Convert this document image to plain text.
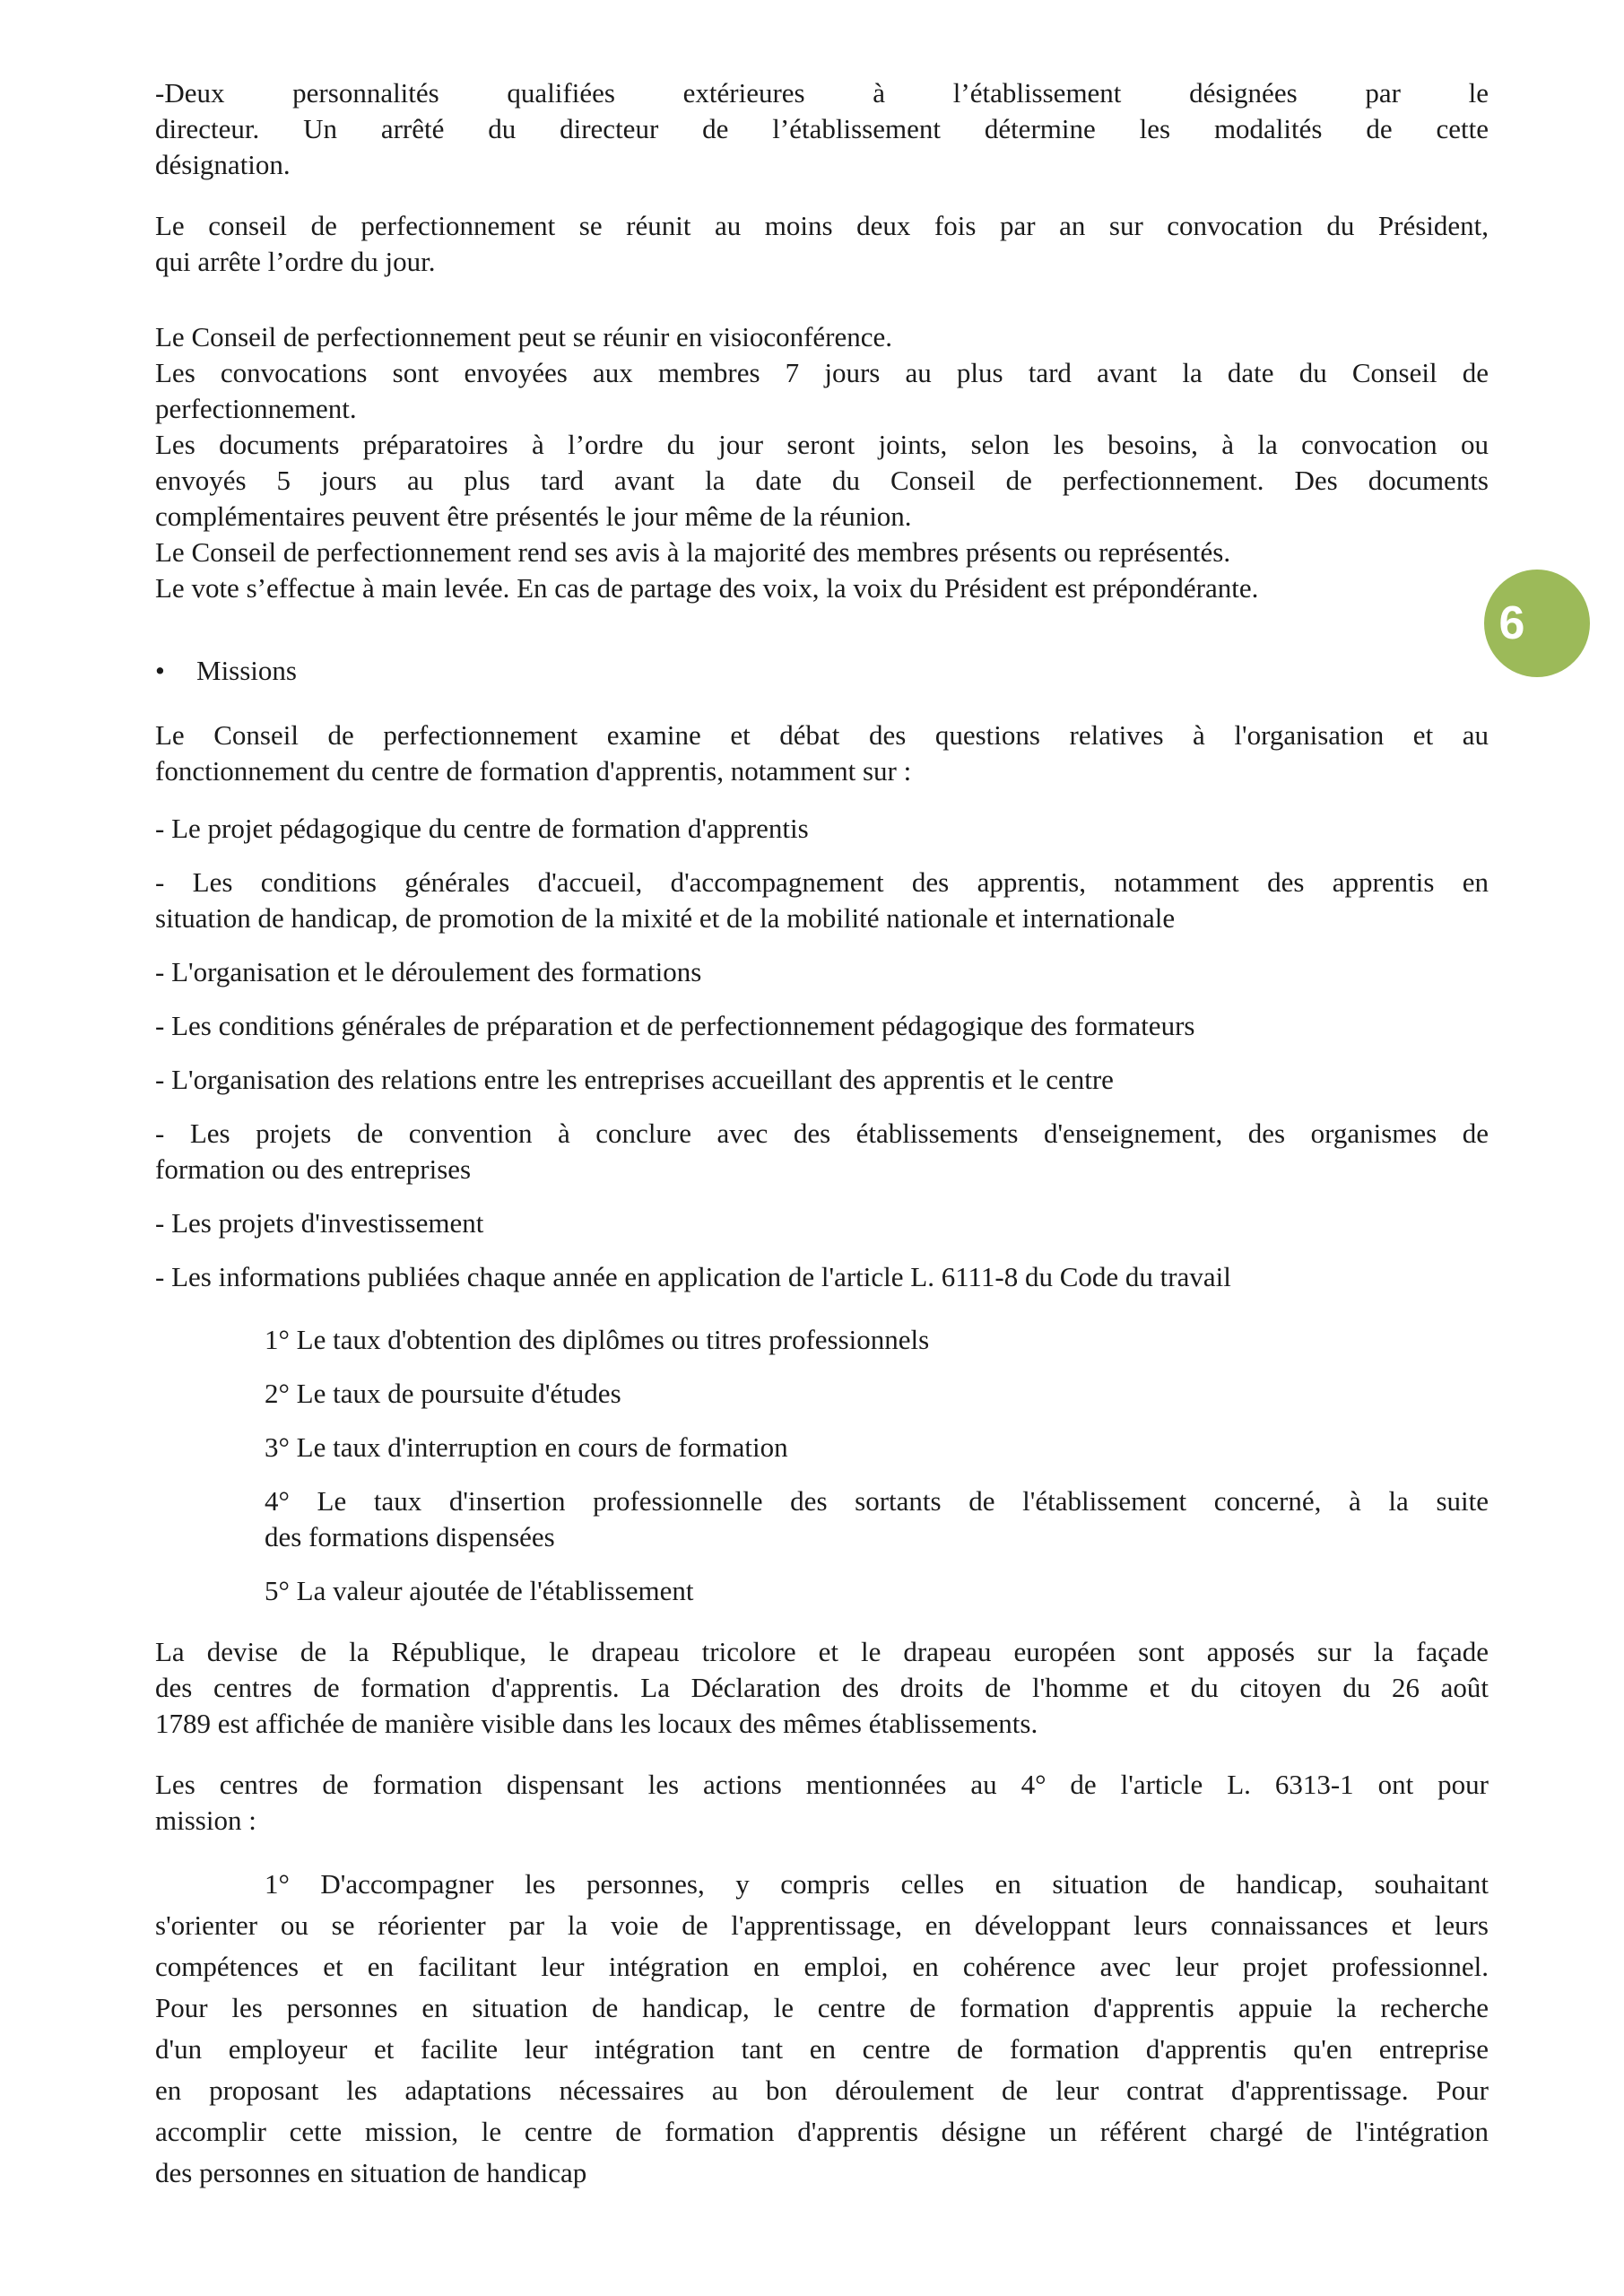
-Deux personnalités qualifiées extérieures à l’établissement désignées par le
directeur. Un arrêté du directeur de l’établissement détermine les modalités de cette
désignation.
Le conseil de perfectionnement se réunit au moins deux fois par an sur convocation du Président,
qui arrête l’ordre du jour.
Le Conseil de perfectionnement peut se réunir en visioconférence.
Les convocations sont envoyées aux membres 7 jours au plus tard avant la date du Conseil de
perfectionnement.
Les documents préparatoires à l’ordre du jour seront joints, selon les besoins, à la convocation ou
envoyés 5 jours au plus tard avant la date du Conseil de perfectionnement. Des documents
complémentaires peuvent être présentés le jour même de la réunion.
Le Conseil de perfectionnement rend ses avis à la majorité des membres présents ou représentés.
Le vote s’effectue à main levée. En cas de partage des voix, la voix du Président est prépondérante.
• Missions
Le Conseil de perfectionnement examine et débat des questions relatives à l'organisation et au
fonctionnement du centre de formation d'apprentis, notamment sur :
- Le projet pédagogique du centre de formation d'apprentis
- Les conditions générales d'accueil, d'accompagnement des apprentis, notamment des apprentis en
situation de handicap, de promotion de la mixité et de la mobilité nationale et internationale
- L'organisation et le déroulement des formations
- Les conditions générales de préparation et de perfectionnement pédagogique des formateurs
- L'organisation des relations entre les entreprises accueillant des apprentis et le centre
- Les projets de convention à conclure avec des établissements d'enseignement, des organismes de
formation ou des entreprises
- Les projets d'investissement
- Les informations publiées chaque année en application de l'article L. 6111-8 du Code du travail
1° Le taux d'obtention des diplômes ou titres professionnels
2° Le taux de poursuite d'études
3° Le taux d'interruption en cours de formation
4° Le taux d'insertion professionnelle des sortants de l'établissement concerné, à la suite
des formations dispensées
5° La valeur ajoutée de l'établissement
La devise de la République, le drapeau tricolore et le drapeau européen sont apposés sur la façade
des centres de formation d'apprentis. La Déclaration des droits de l'homme et du citoyen du 26 août
1789 est affichée de manière visible dans les locaux des mêmes établissements.
Les centres de formation dispensant les actions mentionnées au 4° de l'article L. 6313-1 ont pour
mission :
1° D'accompagner les personnes, y compris celles en situation de handicap, souhaitant
s'orienter ou se réorienter par la voie de l'apprentissage, en développant leurs connaissances et leurs
compétences et en facilitant leur intégration en emploi, en cohérence avec leur projet professionnel.
Pour les personnes en situation de handicap, le centre de formation d'apprentis appuie la recherche
d'un employeur et facilite leur intégration tant en centre de formation d'apprentis qu'en entreprise
en proposant les adaptations nécessaires au bon déroulement de leur contrat d'apprentissage. Pour
accomplir cette mission, le centre de formation d'apprentis désigne un référent chargé de l'intégration
des personnes en situation de handicap
6
